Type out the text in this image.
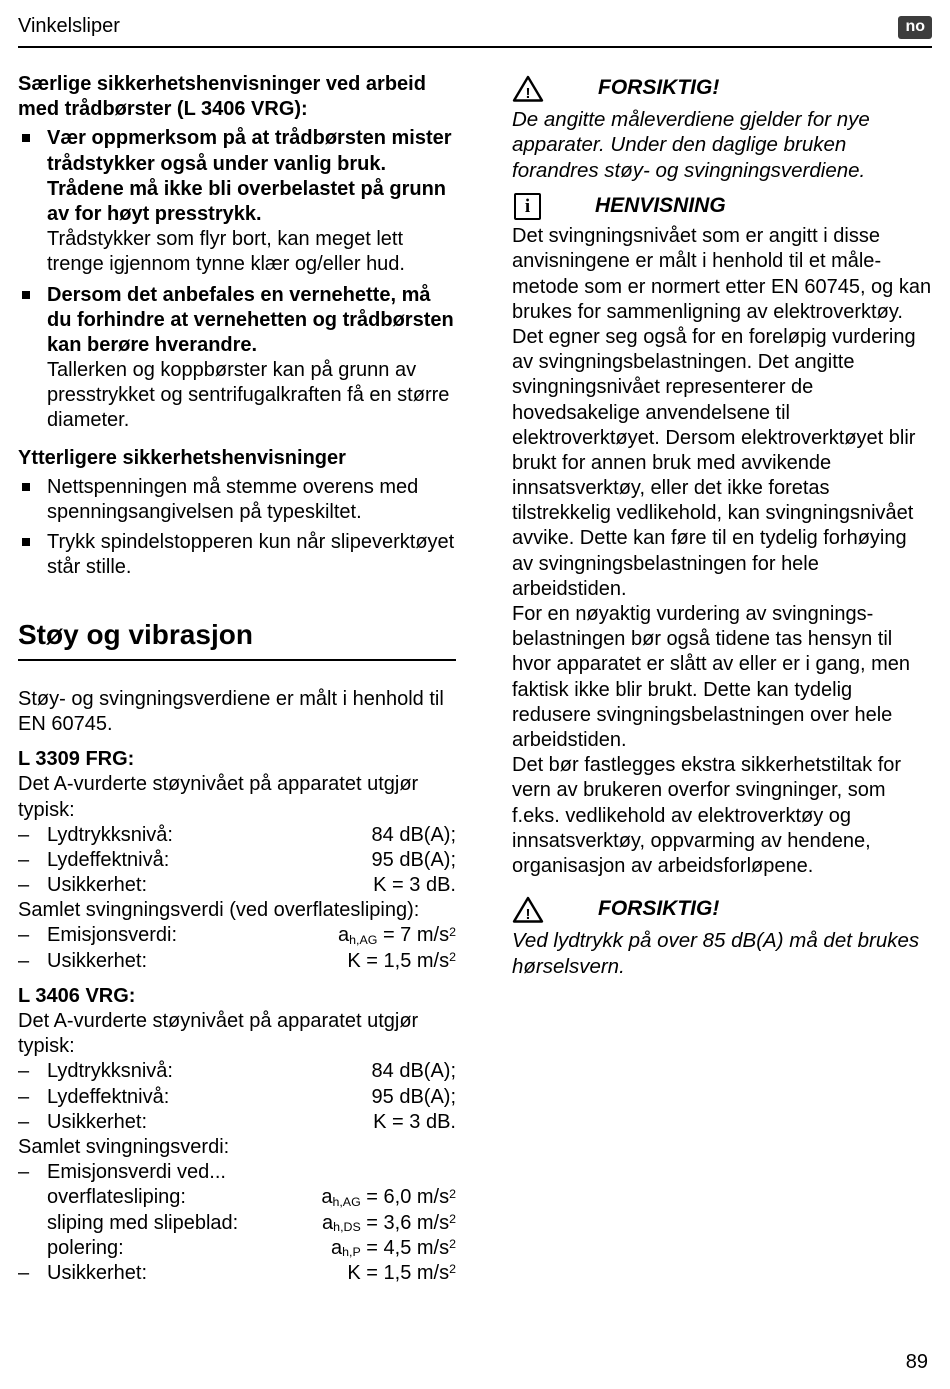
Vinkelsliper	no
Særlige sikkerhetshenvisninger ved arbeid med trådbørster (L 3406 VRG):
Vær oppmerksom på at trådbørsten mister trådstykker også under vanlig bruk. Trådene må ikke bli overbelastet på grunn av for høyt presstrykk.
Trådstykker som flyr bort, kan meget lett trenge igjennom tynne klær og/eller hud.
Dersom det anbefales en vernehette, må du forhindre at vernehetten og trådbørsten kan berøre hverandre.
Tallerken og koppbørster kan på grunn av presstrykket og sentrifugalkraften få en større diameter.
Ytterligere sikkerhetshenvisninger
Nettspenningen må stemme overens med spenningsangivelsen på typeskiltet.
Trykk spindelstopperen kun når slipeverktøyet står stille.
Støy og vibrasjon

Støy- og svingningsverdiene er målt i henhold til EN 60745.

L 3309 FRG:

Det A-vurderte støynivået på apparatet utgjør typisk:

– Lydtrykksnivå:	84 dB(A);
– Lydeffektnivå:	95 dB(A);
– Usikkerhet:	K = 3 dB.

Samlet svingningsverdi (ved overflatesliping):

– Emisjonsverdi:	$a_{h,AG} = 7$ $m/s^2$
– Usikkerhet:	K = 1,5 $m/s^2$
L 3406 VRG:

Det A-vurderte støynivået på apparatet utgjør typisk:

– Lydtrykksnivå:	84 dB(A);
– Lydeffektnivå:	95 dB(A);
– Usikkerhet:	K = 3 dB.

Samlet svingningsverdi:

– Emisjonsverdi ved...
overflatesliping:	$a_{h,AG} = 6,0$ $m/s^2$
sliping med slipeblad:	$a_{h,DS} = 3,6$ $m/s^2$
polering:	$a_{h,P} = 4,5$ $m/s^2$
– Usikkerhet:	K = 1,5 $m/s^2$
!	FORSIKTIG!

De angitte måleverdiene gjelder for nye apparater. Under den daglige bruken forandres støy- og svingningsverdiene.

i	HENVISNING

Det svingningsnivået som er angitt i disse anvisningene er målt i henhold til et målemetode som er normert etter EN 60745, og kan brukes for sammenligning av elektroverktøy. Det egner seg også for en foreløpig vurdering av svingningsbelastningen. Det angitte svingningsnivået representerer de hovedsakelige anvendelsene til elektroverktøyet. Dersom elektroverktøyet blir brukt for annen bruk med avvikende innsatsverktøy, eller det ikke foretas tilstrekkelig vedlikehold, kan svingningsnivået avvike. Dette kan føre til en tydelig forhøying av svingningsbelastningen for hele arbeidstiden.

For en nøyaktig vurdering av svingningsbelastningen bør også tidene tas hensyn til hvor apparatet er slått av eller er i gang, men faktisk ikke blir brukt. Dette kan tydelig redusere svingningsbelastningen over hele arbeidstiden.

Det bør fastlegges ekstra sikkerhetstiltak for vern av brukeren overfor svingninger, som f.eks. vedlikehold av elektroverktøy og innsatsverktøy, oppvarming av hendene, organisasjon av arbeidsforløpene.

!	FORSIKTIG!

Ved lydtrykk på over 85 dB(A) må det brukes hørselsvern.

89
